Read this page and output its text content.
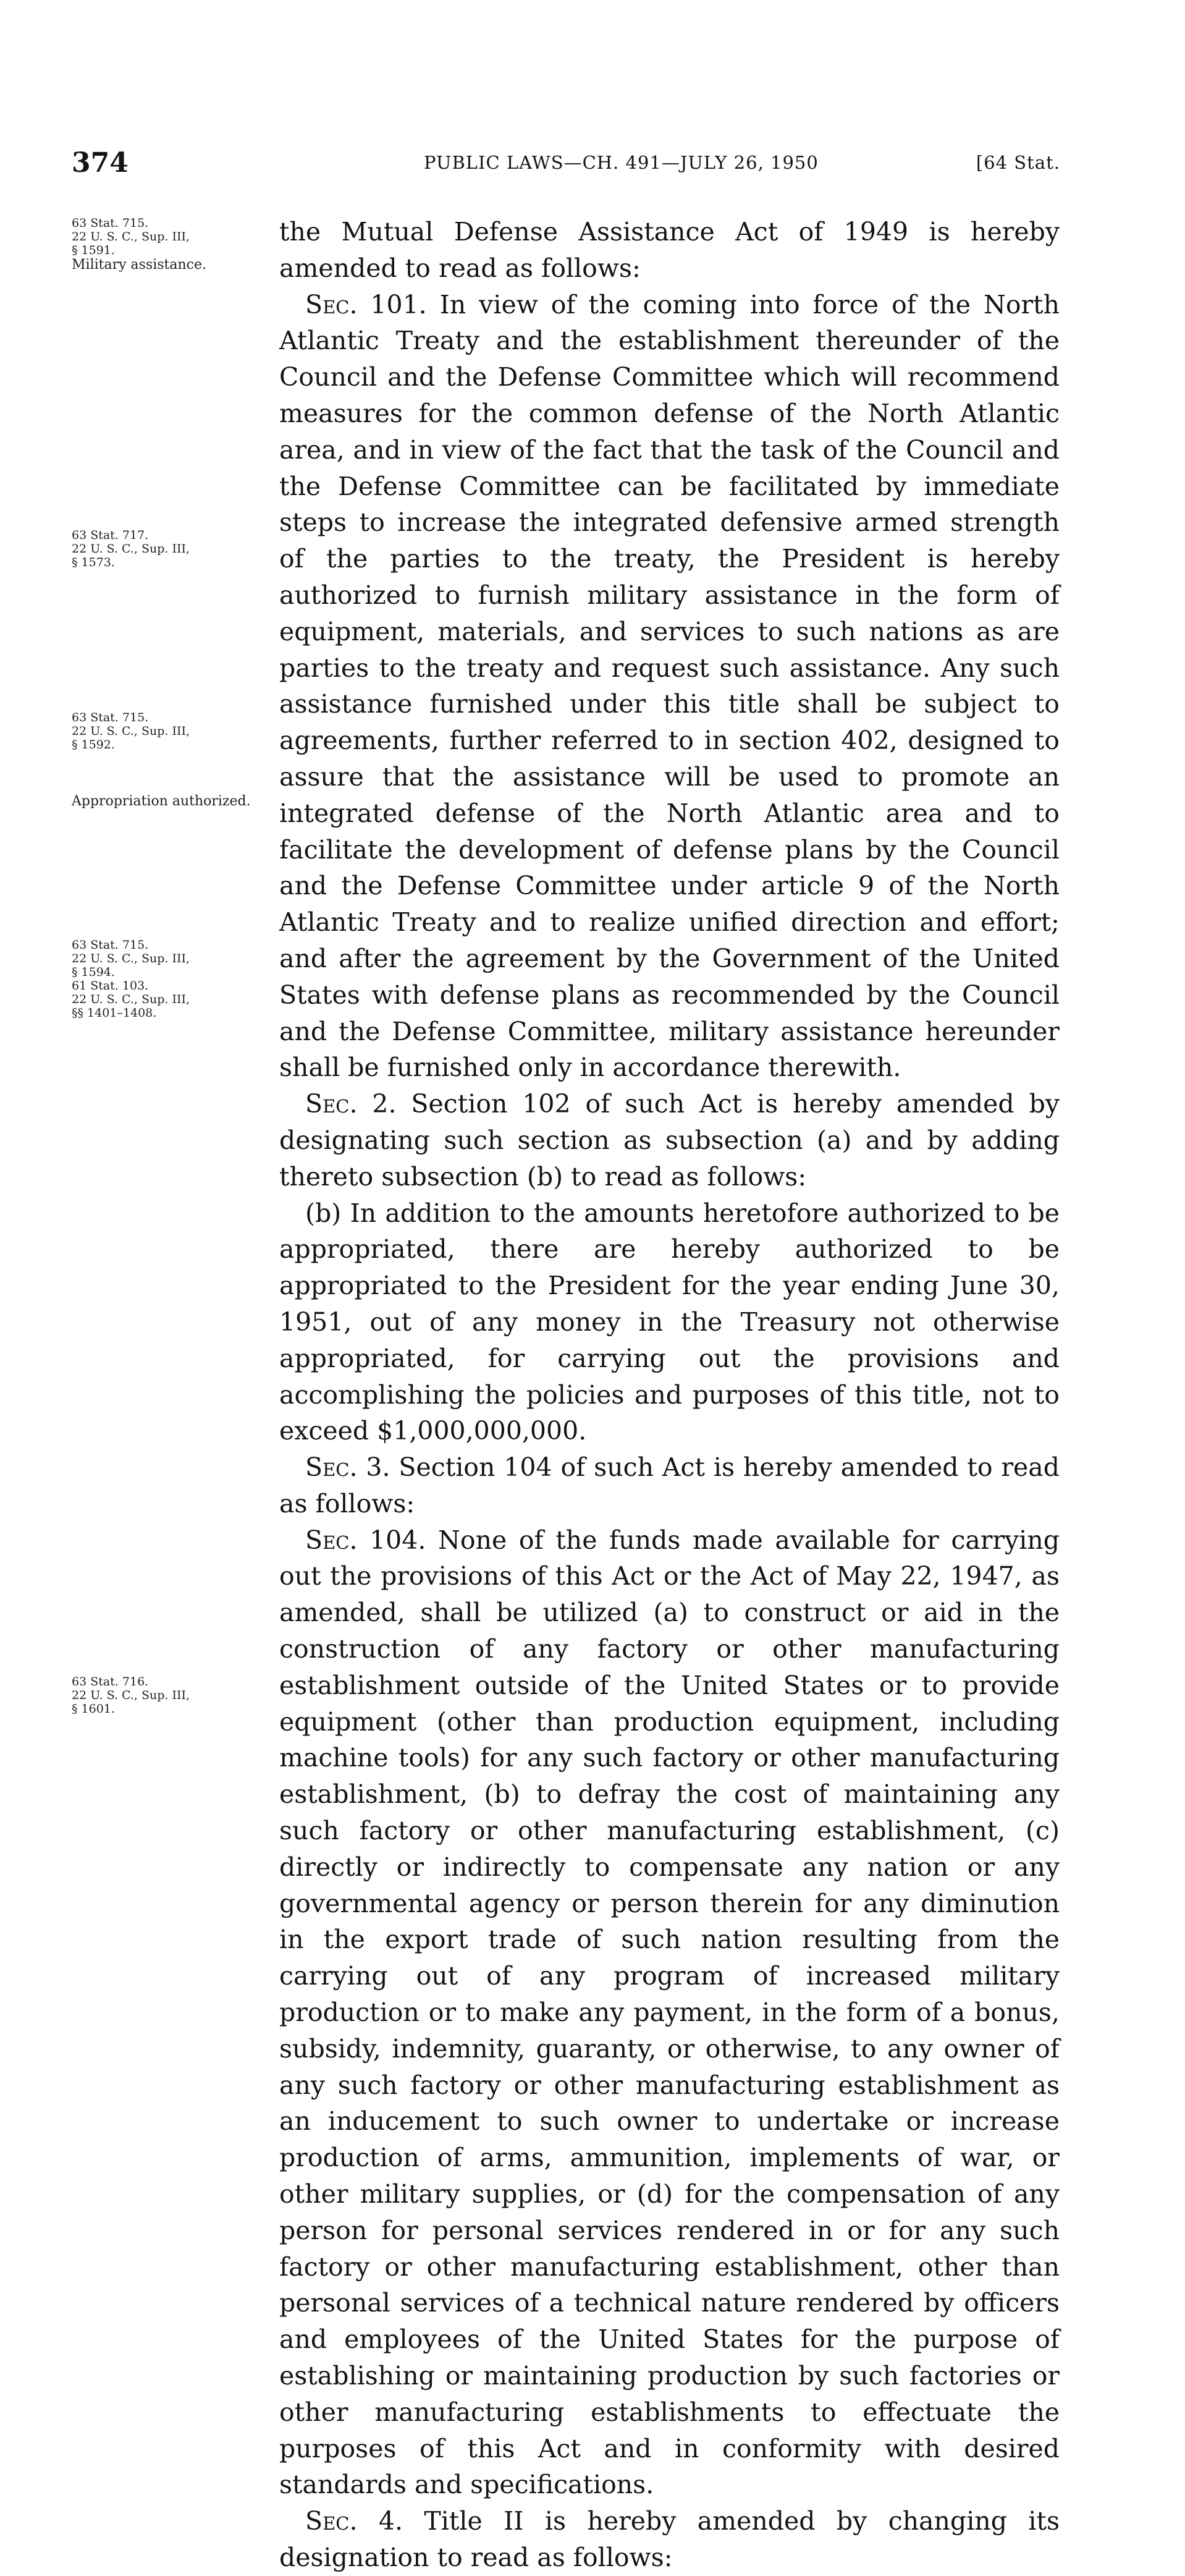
374	PUBLIC LAWS—CH. 491—JULY 26, 1950	[64 Stat.
63 Stat. 715.
22 U. S. C., Sup. III,
§ 1591.
Military assistance.
63 Stat. 717.
22 U. S. C., Sup. III,
§ 1573.
63 Stat. 715.
22 U. S. C., Sup. III,
§ 1592.
Appropriation authorized.
63 Stat. 715.
22 U. S. C., Sup. III,
§ 1594.
61 Stat. 103.
22 U. S. C., Sup. III,
§§ 1401–1408.
63 Stat. 716.
22 U. S. C., Sup. III,
§ 1601.

the Mutual Defense Assistance Act of 1949 is hereby amended to read as follows:

Sec. 101. In view of the coming into force of the North Atlantic Treaty and the establishment thereunder of the Council and the Defense Committee which will recommend measures for the common defense of the North Atlantic area, and in view of the fact that the task of the Council and the Defense Committee can be facilitated by immediate steps to increase the integrated defensive armed strength of the parties to the treaty, the President is hereby authorized to furnish military assistance in the form of equipment, materials, and services to such nations as are parties to the treaty and request such assistance. Any such assistance furnished under this title shall be subject to agreements, further referred to in section 402, designed to assure that the assistance will be used to promote an integrated defense of the North Atlantic area and to facilitate the development of defense plans by the Council and the Defense Committee under article 9 of the North Atlantic Treaty and to realize unified direction and effort; and after the agreement by the Government of the United States with defense plans as recommended by the Council and the Defense Committee, military assistance hereunder shall be furnished only in accordance therewith.

Sec. 2. Section 102 of such Act is hereby amended by designating such section as subsection (a) and by adding thereto subsection (b) to read as follows:

(b) In addition to the amounts heretofore authorized to be appropriated, there are hereby authorized to be appropriated to the President for the year ending June 30, 1951, out of any money in the Treasury not otherwise appropriated, for carrying out the provisions and accomplishing the policies and purposes of this title, not to exceed $1,000,000,000.

Sec. 3. Section 104 of such Act is hereby amended to read as follows:

Sec. 104. None of the funds made available for carrying out the provisions of this Act or the Act of May 22, 1947, as amended, shall be utilized (a) to construct or aid in the construction of any factory or other manufacturing establishment outside of the United States or to provide equipment (other than production equipment, including machine tools) for any such factory or other manufacturing establishment, (b) to defray the cost of maintaining any such factory or other manufacturing establishment, (c) directly or indirectly to compensate any nation or any governmental agency or person therein for any diminution in the export trade of such nation resulting from the carrying out of any program of increased military production or to make any payment, in the form of a bonus, subsidy, indemnity, guaranty, or otherwise, to any owner of any such factory or other manufacturing establishment as an inducement to such owner to undertake or increase production of arms, ammunition, implements of war, or other military supplies, or (d) for the compensation of any person for personal services rendered in or for any such factory or other manufacturing establishment, other than personal services of a technical nature rendered by officers and employees of the United States for the purpose of establishing or maintaining production by such factories or other manufacturing establishments to effectuate the purposes of this Act and in conformity with desired standards and specifications.

Sec. 4. Title II is hereby amended by changing its designation to read as follows:
